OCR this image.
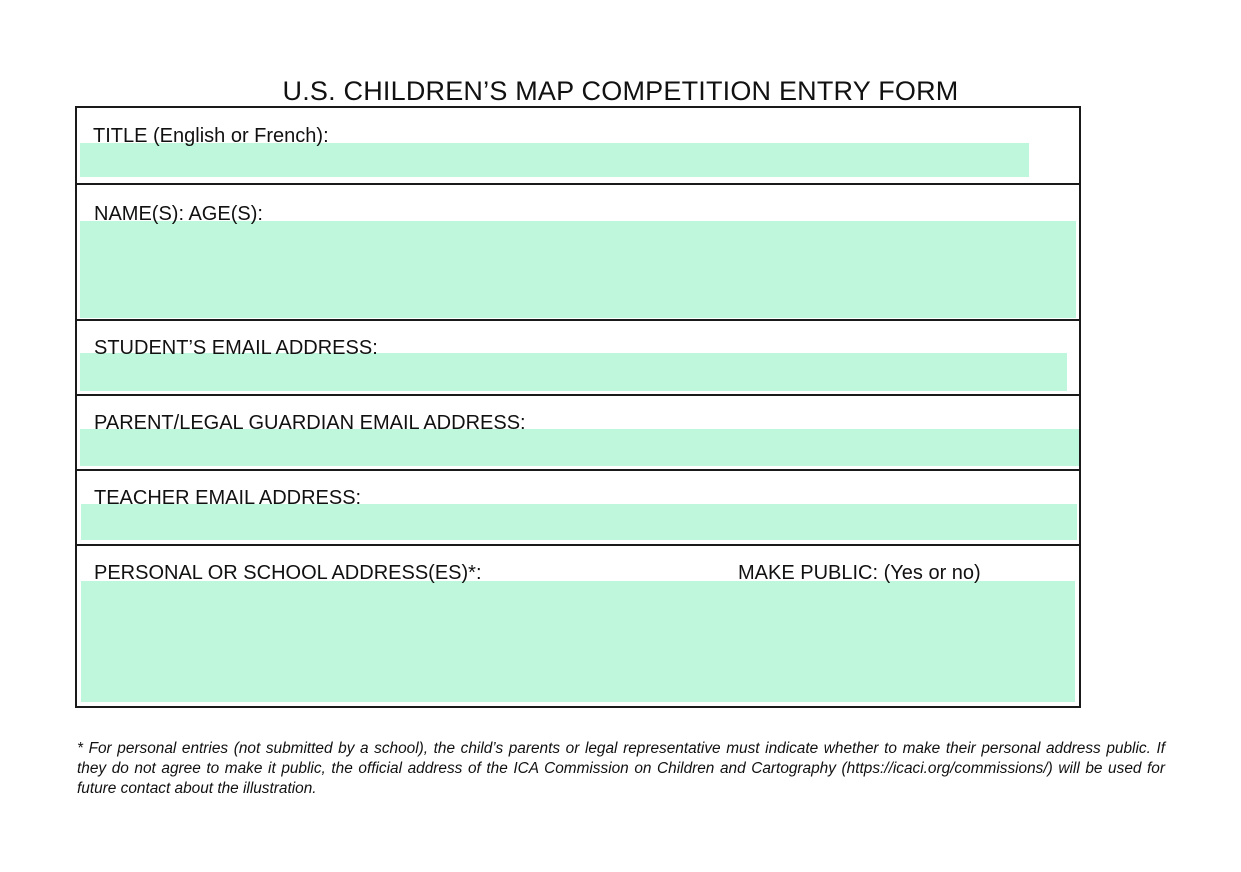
U.S. CHILDREN’S MAP COMPETITION ENTRY FORM
TITLE (English or French):
NAME(S): AGE(S):
STUDENT’S EMAIL ADDRESS:
PARENT/LEGAL GUARDIAN EMAIL ADDRESS:
TEACHER EMAIL ADDRESS:
PERSONAL OR SCHOOL ADDRESS(ES)*:	MAKE PUBLIC: (Yes or no)

* For personal entries (not submitted by a school), the child’s parents or legal representative must indicate whether to make their personal address public. If they do not agree to make it public, the official address of the ICA Commission on Children and Cartography (https://icaci.org/commissions/) will be used for future contact about the illustration.
